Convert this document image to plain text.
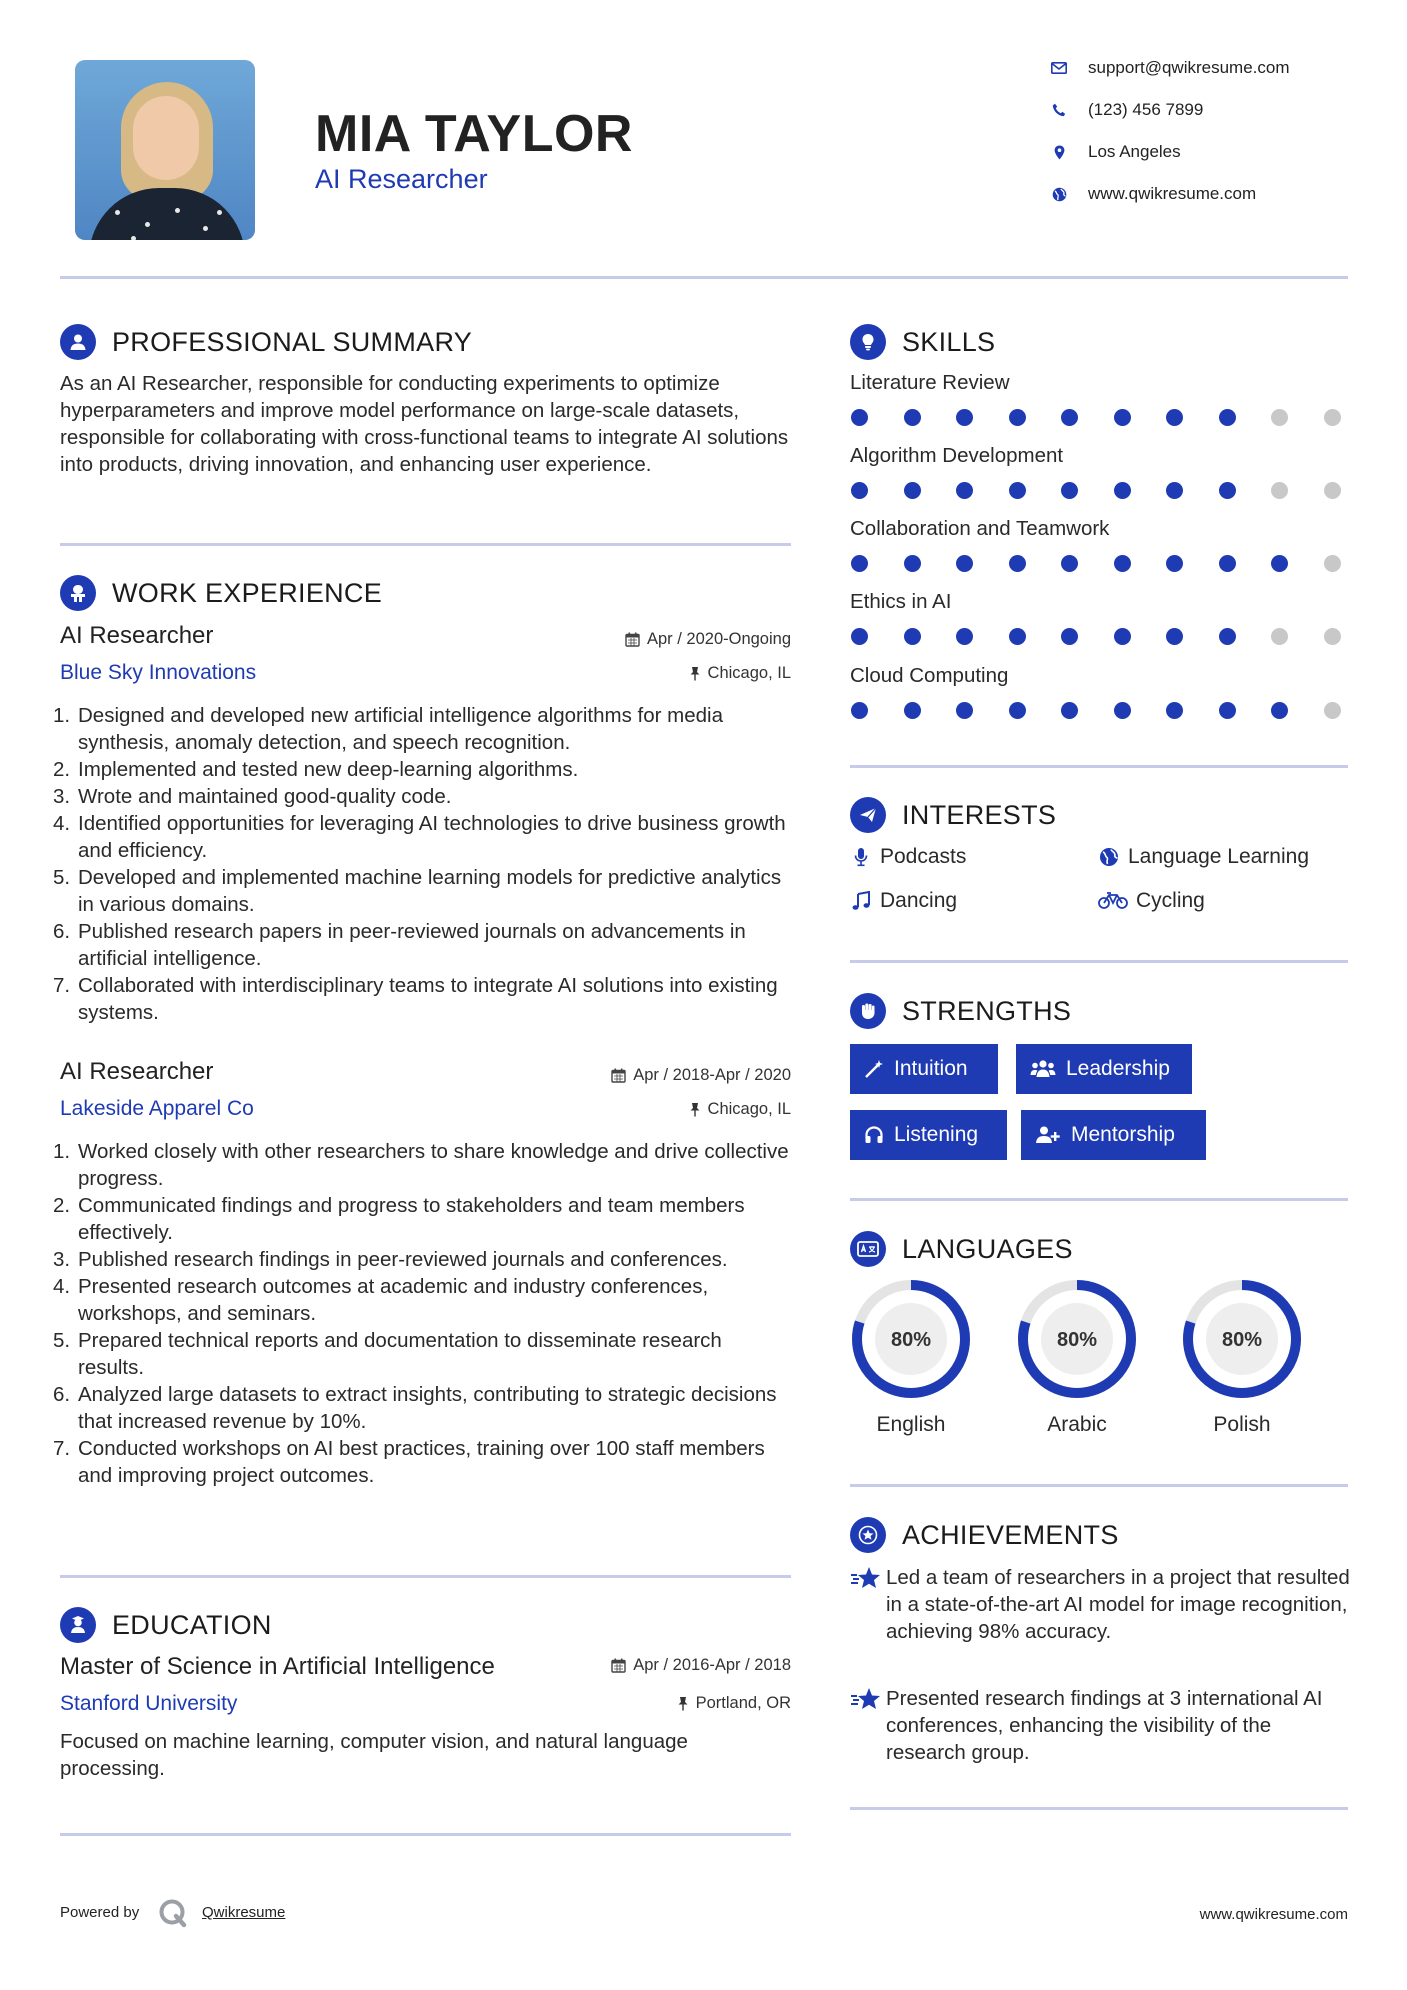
MIA TAYLOR
AI Researcher
support@qwikresume.com
(123) 456 7899
Los Angeles
www.qwikresume.com
PROFESSIONAL SUMMARY
As an AI Researcher, responsible for conducting experiments to optimize hyperparameters and improve model performance on large-scale datasets, responsible for collaborating with cross-functional teams to integrate AI solutions into products, driving innovation, and enhancing user experience.
WORK EXPERIENCE
AI Researcher	Apr / 2020-Ongoing
Blue Sky Innovations	Chicago, IL
1. Designed and developed new artificial intelligence algorithms for media synthesis, anomaly detection, and speech recognition.
2. Implemented and tested new deep-learning algorithms.
3. Wrote and maintained good-quality code.
4. Identified opportunities for leveraging AI technologies to drive business growth and efficiency.
5. Developed and implemented machine learning models for predictive analytics in various domains.
6. Published research papers in peer-reviewed journals on advancements in artificial intelligence.
7. Collaborated with interdisciplinary teams to integrate AI solutions into existing systems.
AI Researcher	Apr / 2018-Apr / 2020
Lakeside Apparel Co	Chicago, IL
1. Worked closely with other researchers to share knowledge and drive collective progress.
2. Communicated findings and progress to stakeholders and team members effectively.
3. Published research findings in peer-reviewed journals and conferences.
4. Presented research outcomes at academic and industry conferences, workshops, and seminars.
5. Prepared technical reports and documentation to disseminate research results.
6. Analyzed large datasets to extract insights, contributing to strategic decisions that increased revenue by 10%.
7. Conducted workshops on AI best practices, training over 100 staff members and improving project outcomes.
EDUCATION
Master of Science in Artificial Intelligence	Apr / 2016-Apr / 2018
Stanford University	Portland, OR
Focused on machine learning, computer vision, and natural language processing.
SKILLS
Literature Review
Algorithm Development
Collaboration and Teamwork
Ethics in AI
Cloud Computing
INTERESTS
Podcasts	Language Learning
Dancing	Cycling
STRENGTHS
Intuition	Leadership
Listening	Mentorship
LANGUAGES
80%
English
80%
Arabic
80%
Polish
ACHIEVEMENTS
Led a team of researchers in a project that resulted in a state-of-the-art AI model for image recognition, achieving 98% accuracy.
Presented research findings at 3 international AI conferences, enhancing the visibility of the research group.
Powered by	Qwikresume	www.qwikresume.com
